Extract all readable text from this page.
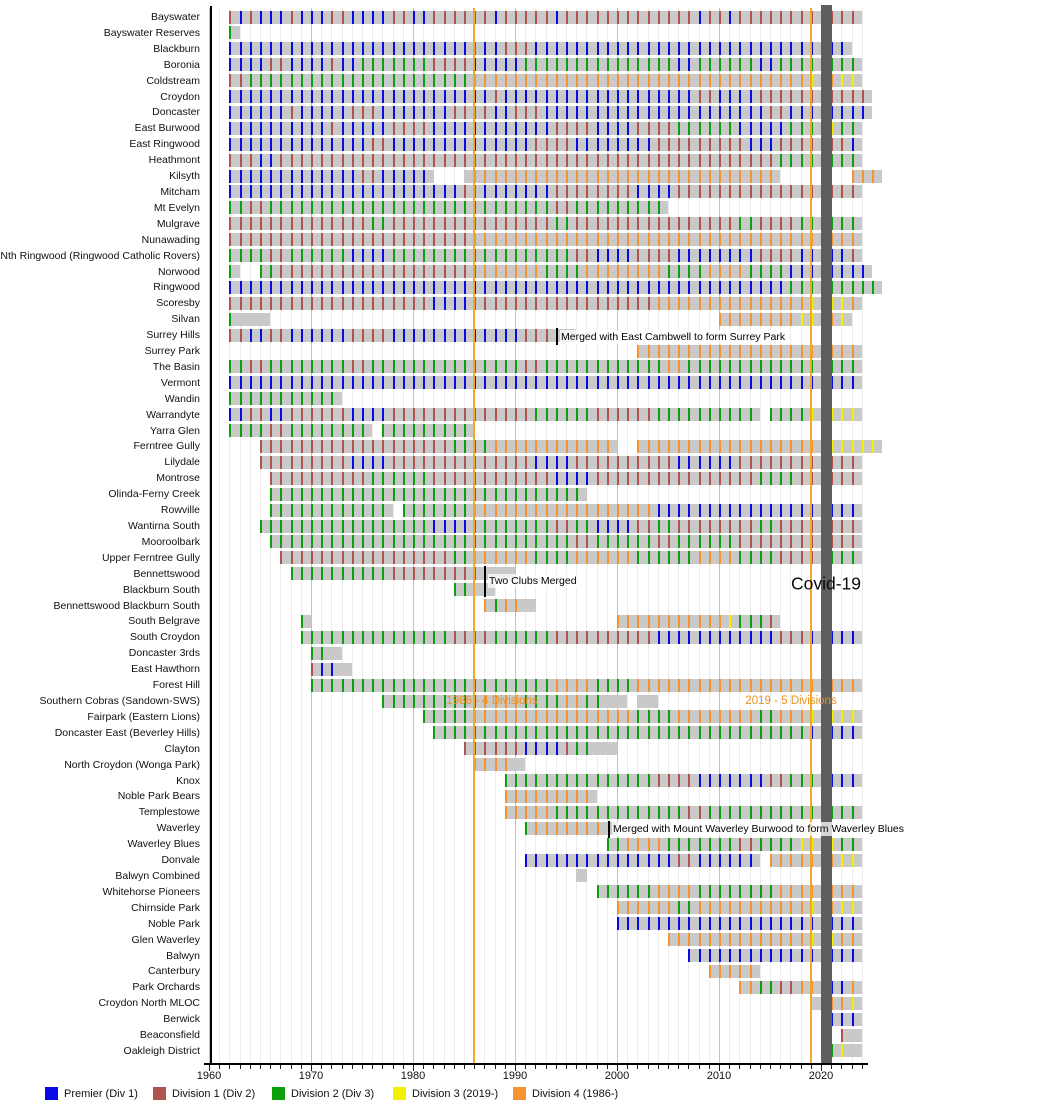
Bayswater
Bayswater Reserves
Blackburn
Boronia
Coldstream
Croydon
Doncaster
East Burwood
East Ringwood
Heathmont
Kilsyth
Mitcham
Mt Evelyn
Mulgrave
Nunawading
Nth Ringwood (Ringwood Catholic Rovers)
Norwood
Ringwood
Scoresby
Silvan
Surrey Hills
Surrey Park
The Basin
Vermont
Wandin
Warrandyte
Yarra Glen
Ferntree Gully
Lilydale
Montrose
Olinda-Ferny Creek
Rowville
Wantirna South
Mooroolbark
Upper Ferntree Gully
Bennettswood
Blackburn South
Bennettswood Blackburn South
South Belgrave
South Croydon
Doncaster 3rds
East Hawthorn
Forest Hill
Southern Cobras (Sandown-SWS)
Fairpark (Eastern Lions)
Doncaster East (Beverley Hills)
Clayton
North Croydon (Wonga Park)
Knox
Noble Park Bears
Templestowe
Waverley
Waverley Blues
Donvale
Balwyn Combined
Whitehorse Pioneers
Chirnside Park
Noble Park
Glen Waverley
Balwyn
Canterbury
Park Orchards
Croydon North MLOC
Berwick
Beaconsfield
Oakleigh District
1986 - 4 Divisions	2019 - 5 Divisions
Covid-19
Merged with East Cambwell to form Surrey Park
Two Clubs Merged
Merged with Mount Waverley Burwood to form Waverley Blues
1960	1970	1980	1990	2000	2010	2020
Premier (Div 1)	Division 1 (Div 2)	Division 2 (Div 3)	Division 3 (2019-)	Division 4 (1986-)
